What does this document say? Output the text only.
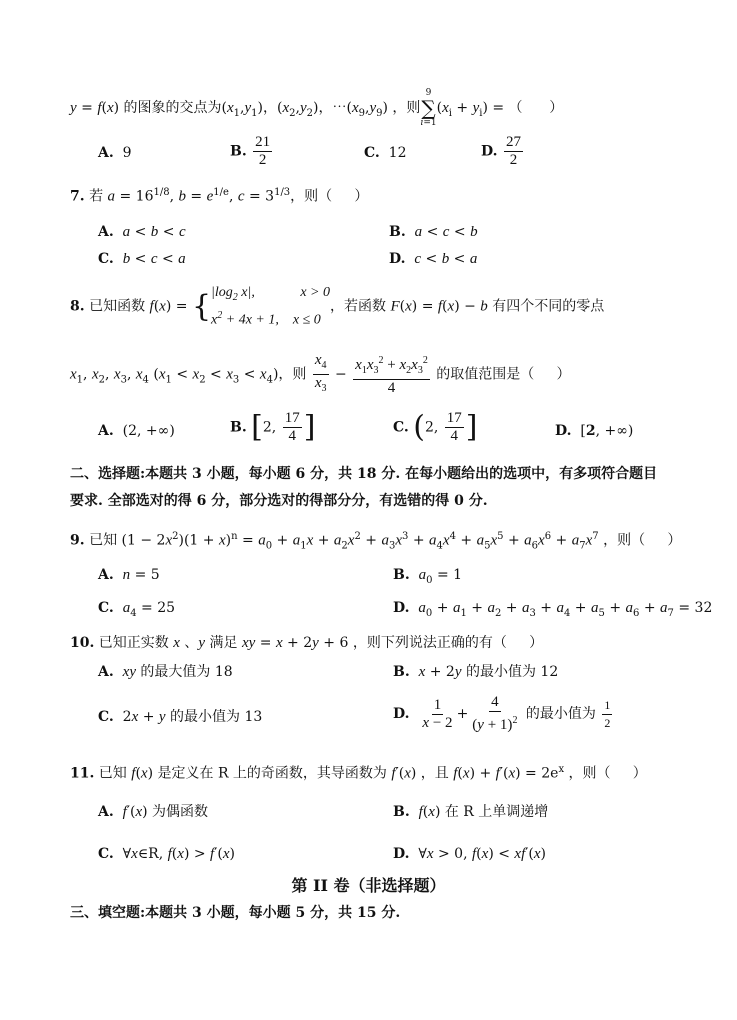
y = f(x) 的图象的交点为$(x_1,y_1)$，$(x_2,y_2)$，$\cdots(x_9,y_9)$ ，则
9
∑
i=1
$(x_i + y_i)$ = （      ）
A.  9	B. $\frac{21}{2}$	C.  12	D. $\frac{27}{2}$
7. 若 $a = 16^{1/8}$, $b = e^{1/e}$, $c = 3^{1/3}$，则（     ）
A. a < b < c	B. a < c < b
C. b < c < a	D. c < b < a
8. 已知函数 f(x) = { $|\log_2$ x|,             x > 0
$x^2 + 4x + 1$,    x ≤ 0
，若函数 F(x) = f(x) − b 有四个不同的零点
$x_1$, $x_2$, $x_3$, $x_4$ $(x_1 < x_2 < x_3 < x_4)$，则 $\frac{x_4}{x_3} - \frac{x_1x_3^2 + x_2x_3^2}{4}$ 的取值范围是（     ）
A.  (2, +∞)	B. [2, $\frac{17}{4}$ ]	C. (2, $\frac{17}{4}$ ]	D.  [2, +∞)
二、选择题:本题共 3 小题，每小题 6 分，共 18 分. 在每小题给出的选项中，有多项符合题目
要求. 全部选对的得 6 分，部分选对的得部分分，有选错的得 0 分.
9. 已知 $(1 - 2x^2)(1 + x)^n = a_0 + a_1x + a_2x^2 + a_3x^3 + a_4x^4 + a_5x^5 + a_6x^6 + a_7x^7$ ，则（     ）
A. n = 5	B. $a_0 = 1$
C. $a_4 = 25$	D. $a_0 + a_1 + a_2 + a_3 + a_4 + a_5 + a_6 + a_7 = 32$
10. 已知正实数 x 、y 满足 xy = x + 2y + 6 ，则下列说法正确的有（     ）
A. xy 的最大值为 18	B. x + 2y 的最小值为 12
C.  2x + y 的最小值为 13	D. $\frac{1}{x - 2} + \frac{4}{(y + 1)^2}$ 的最小值为 $\frac{1}{2}$
11. 已知 f(x) 是定义在 R 上的奇函数，其导函数为 f′(x) ，且 $f(x) + f'(x) = 2e^x$ ，则（     ）
A. f′(x) 为偶函数	B. f(x) 在 R 上单调递增
C.  ∀x∈R, f(x) > f′(x)	D.  ∀x > 0, f(x) < xf′(x)
第 II 卷（非选择题）
三、填空题:本题共 3 小题，每小题 5 分，共 15 分.
